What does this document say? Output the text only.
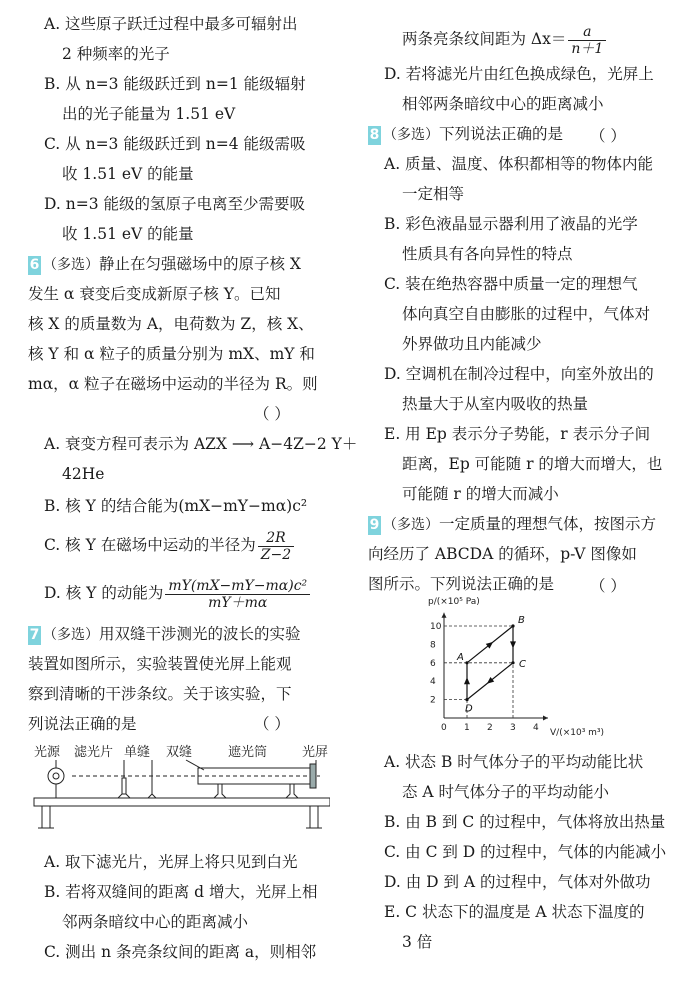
A. 这些原子跃迁过程中最多可辐射出
2 种频率的光子
B. 从 n=3 能级跃迁到 n=1 能级辐射
出的光子能量为 1.51 eV
C. 从 n=3 能级跃迁到 n=4 能级需吸
收 1.51 eV 的能量
D. n=3 能级的氢原子电离至少需要吸
收 1.51 eV 的能量
6 （多选）静止在匀强磁场中的原子核 X
发生 α 衰变后变成新原子核 Y。已知
核 X 的质量数为 A，电荷数为 Z，核 X、
核 Y 和 α 粒子的质量分别为 mX、mY 和
mα，α 粒子在磁场中运动的半径为 R。则
（ ）
A. 衰变方程可表示为 AZX ⟶ A−4Z−2 Y＋
42He
B. 核 Y 的结合能为(mX−mY−mα)c²
C. 核 Y 在磁场中运动的半径为 $\frac{2R}{Z-2}$
D. 核 Y 的动能为 $\frac{\text{mY(mX−mY−mα)c²}}{mY+m\alpha}$
7 （多选）用双缝干涉测光的波长的实验
装置如图所示，实验装置使光屏上能观
察到清晰的干涉条纹。关于该实验，下
列说法正确的是	（ ）
光源 滤光片 单缝 双缝	遮光筒	光屏
A. 取下滤光片，光屏上将只见到白光
B. 若将双缝间的距离 d 增大，光屏上相
邻两条暗纹中心的距离减小
C. 测出 n 条亮条纹间的距离 a，则相邻
两条亮条纹间距为 $\Delta x= \frac{a}{n+1}$
D. 若将滤光片由红色换成绿色，光屏上
相邻两条暗纹中心的距离减小
8 （多选）下列说法正确的是 （ ）
A. 质量、温度、体积都相等的物体内能
一定相等
B. 彩色液晶显示器利用了液晶的光学
性质具有各向异性的特点
C. 装在绝热容器中质量一定的理想气
体向真空自由膨胀的过程中，气体对
外界做功且内能减少
D. 空调机在制冷过程中，向室外放出的
热量大于从室内吸收的热量
E. 用 Ep 表示分子势能，r 表示分子间
距离，Ep 可能随 r 的增大而增大，也
可能随 r 的增大而减小
9 （多选）一定质量的理想气体，按图示方
向经历了 ABCDA 的循环，p-V 图像如
图所示。下列说法正确的是 （ ）
0 1 2 3 4
2
4
6
8
10
A
B
C
D
p/(×10⁵ Pa)
V/(×10³ m³)
A. 状态 B 时气体分子的平均动能比状
态 A 时气体分子的平均动能小
B. 由 B 到 C 的过程中，气体将放出热量
C. 由 C 到 D 的过程中，气体的内能减小
D. 由 D 到 A 的过程中，气体对外做功
E. C 状态下的温度是 A 状态下温度的
3 倍
